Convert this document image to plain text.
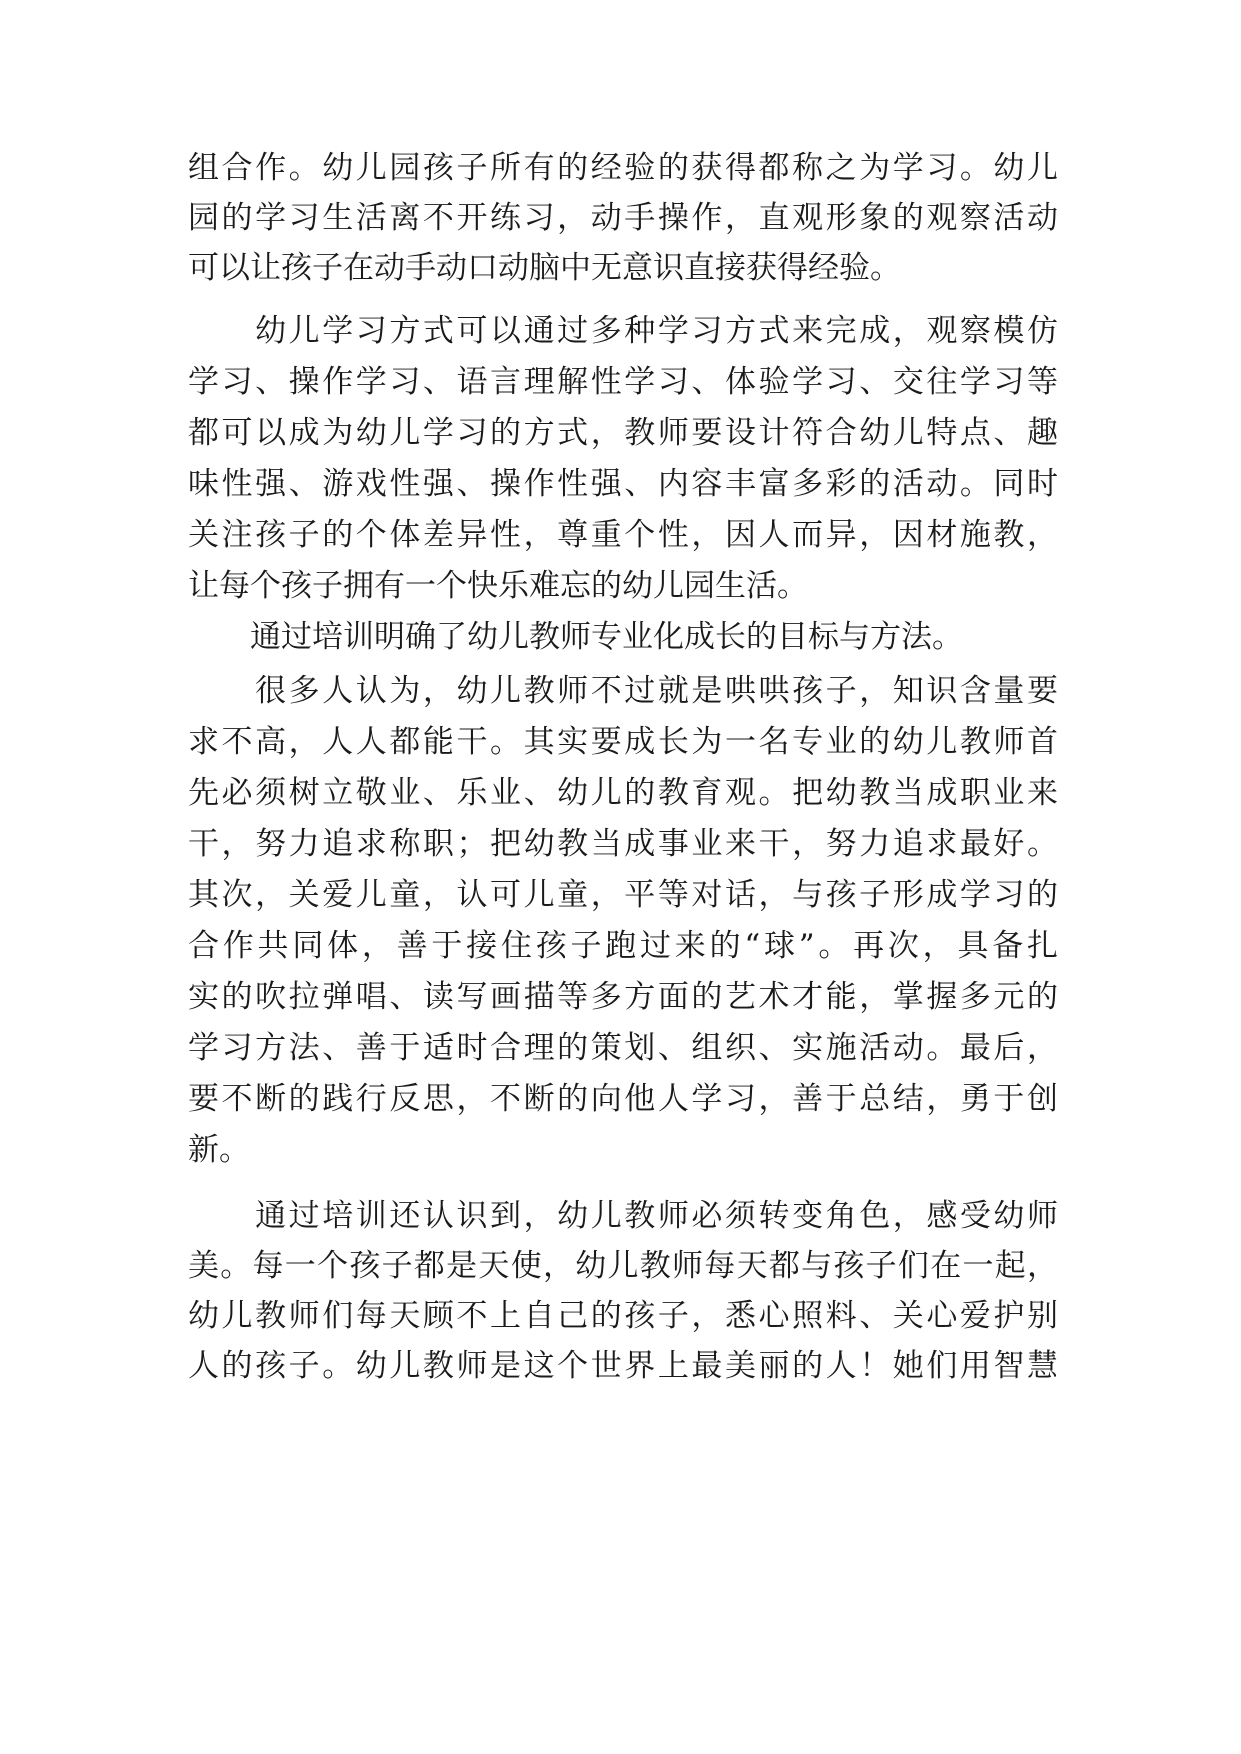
组合作。幼儿园孩子所有的经验的获得都称之为学习。幼儿
园的学习生活离不开练习，动手操作，直观形象的观察活动
可以让孩子在动手动口动脑中无意识直接获得经验。
　　幼儿学习方式可以通过多种学习方式来完成，观察模仿
学习、操作学习、语言理解性学习、体验学习、交往学习等
都可以成为幼儿学习的方式，教师要设计符合幼儿特点、趣
味性强、游戏性强、操作性强、内容丰富多彩的活动。同时
关注孩子的个体差异性，尊重个性，因人而异，因材施教，
让每个孩子拥有一个快乐难忘的幼儿园生活。
　　通过培训明确了幼儿教师专业化成长的目标与方法。
　　很多人认为，幼儿教师不过就是哄哄孩子，知识含量要
求不高，人人都能干。其实要成长为一名专业的幼儿教师首
先必须树立敬业、乐业、幼儿的教育观。把幼教当成职业来
干，努力追求称职；把幼教当成事业来干，努力追求最好。
其次，关爱儿童，认可儿童，平等对话，与孩子形成学习的
合作共同体，善于接住孩子跑过来的“球”。再次，具备扎
实的吹拉弹唱、读写画描等多方面的艺术才能，掌握多元的
学习方法、善于适时合理的策划、组织、实施活动。最后，
要不断的践行反思，不断的向他人学习，善于总结，勇于创
新。
　　通过培训还认识到，幼儿教师必须转变角色，感受幼师
美。每一个孩子都是天使，幼儿教师每天都与孩子们在一起，
幼儿教师们每天顾不上自己的孩子，悉心照料、关心爱护别
人的孩子。幼儿教师是这个世界上最美丽的人！她们用智慧
